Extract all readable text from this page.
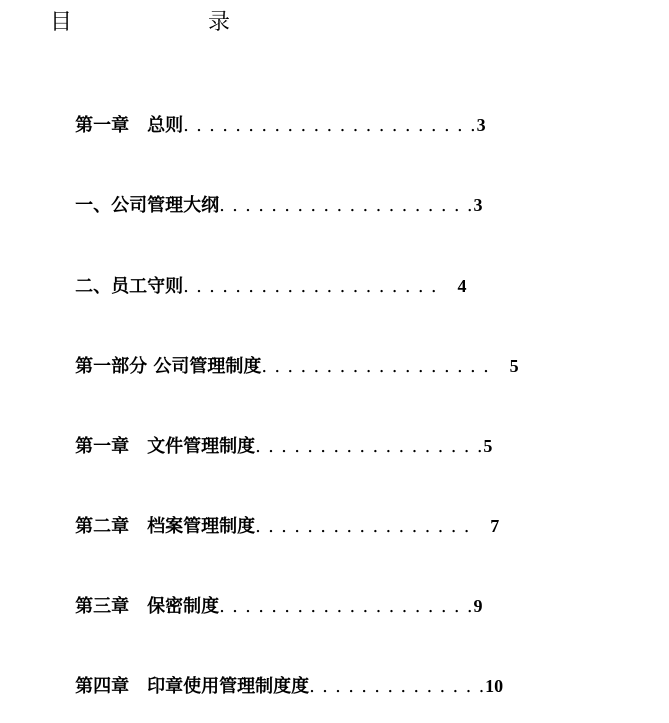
目	录

第一章　总则. . . . . . . . . . . . . . . . . . . . . . .3

一、公司管理大纲. . . . . . . . . . . . . . . . . . . .3

二、员工守则. . . . . . . . . . . . . . . . . . . . 4

第一部分 公司管理制度. . . . . . . . . . . . . . . . . . 5

第一章　文件管理制度. . . . . . . . . . . . . . . . . .5

第二章　档案管理制度. . . . . . . . . . . . . . . . . 7

第三章　保密制度. . . . . . . . . . . . . . . . . . . .9

第四章　印章使用管理制度度. . . . . . . . . . . . . .10
